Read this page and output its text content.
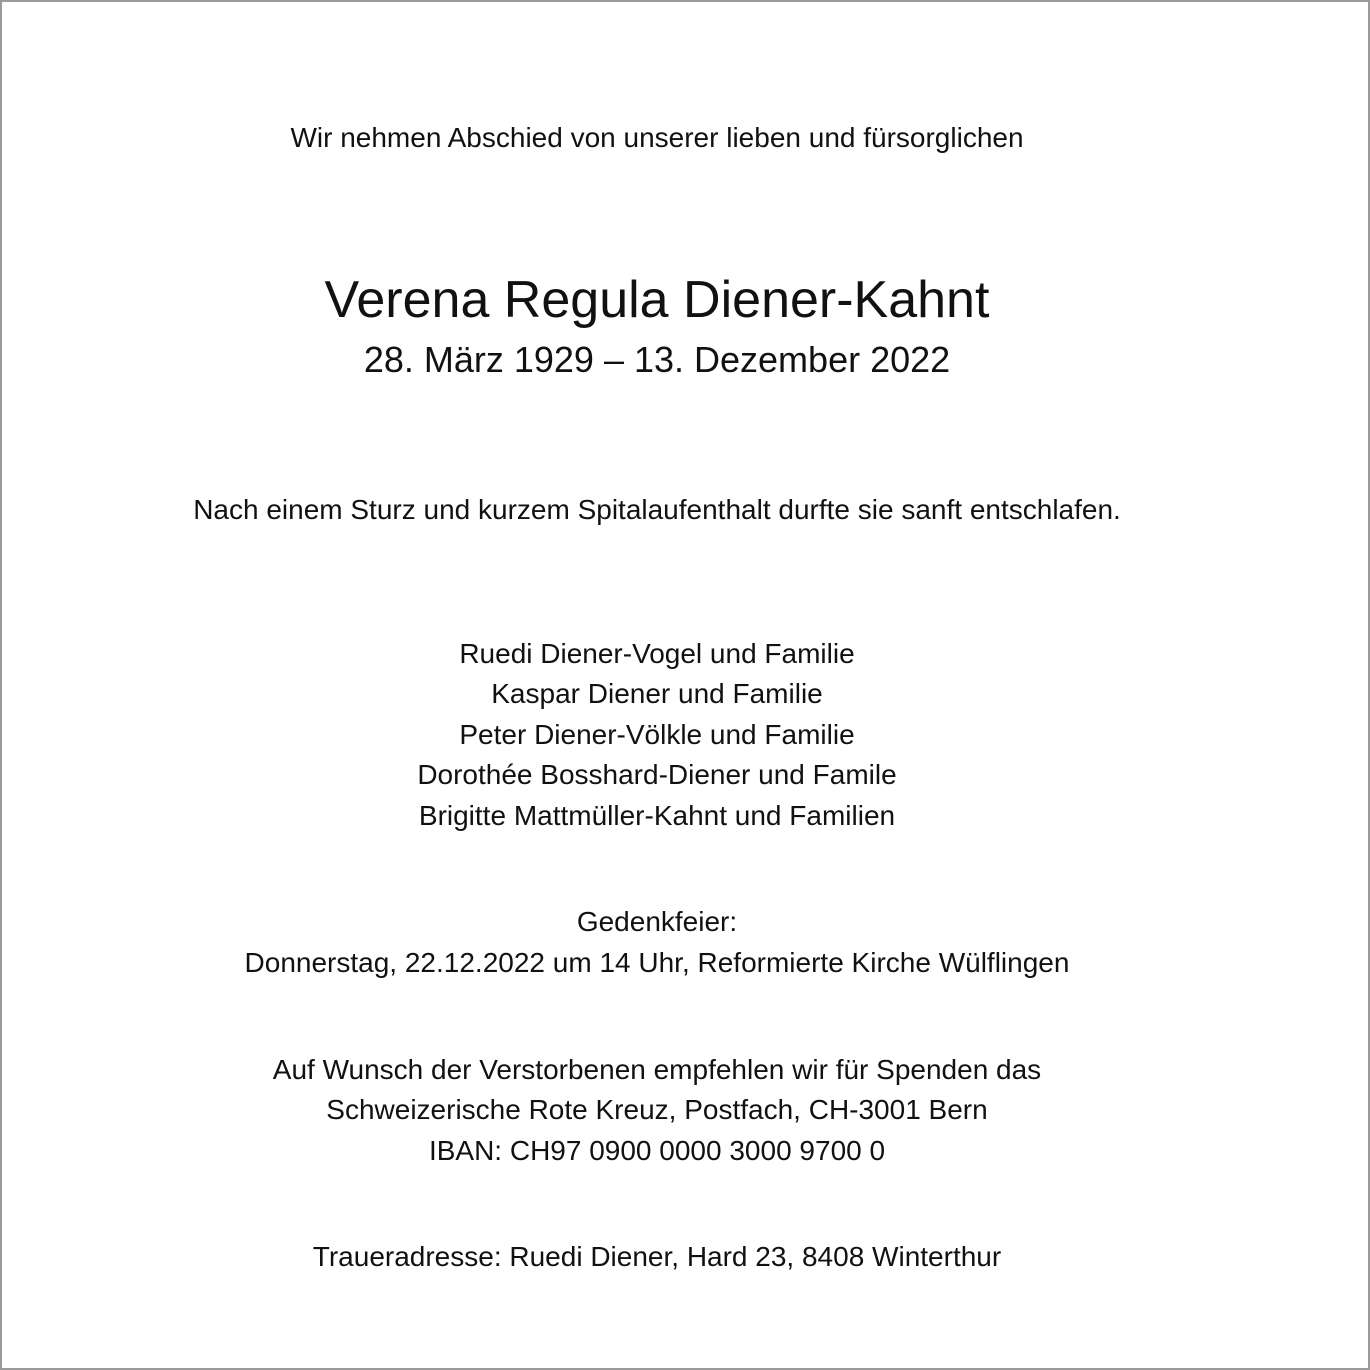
Wir nehmen Abschied von unserer lieben und fürsorglichen
Verena Regula Diener-Kahnt
28. März 1929 – 13. Dezember 2022
Nach einem Sturz und kurzem Spitalaufenthalt durfte sie sanft entschlafen.
Ruedi Diener-Vogel und Familie
Kaspar Diener und Familie
Peter Diener-Völkle und Familie
Dorothée Bosshard-Diener und Famile
Brigitte Mattmüller-Kahnt und Familien
Gedenkfeier:
Donnerstag, 22.12.2022 um 14 Uhr, Reformierte Kirche Wülflingen
Auf Wunsch der Verstorbenen empfehlen wir für Spenden das
Schweizerische Rote Kreuz, Postfach, CH-3001 Bern
IBAN: CH97 0900 0000 3000 9700 0
Traueradresse: Ruedi Diener, Hard 23, 8408 Winterthur
